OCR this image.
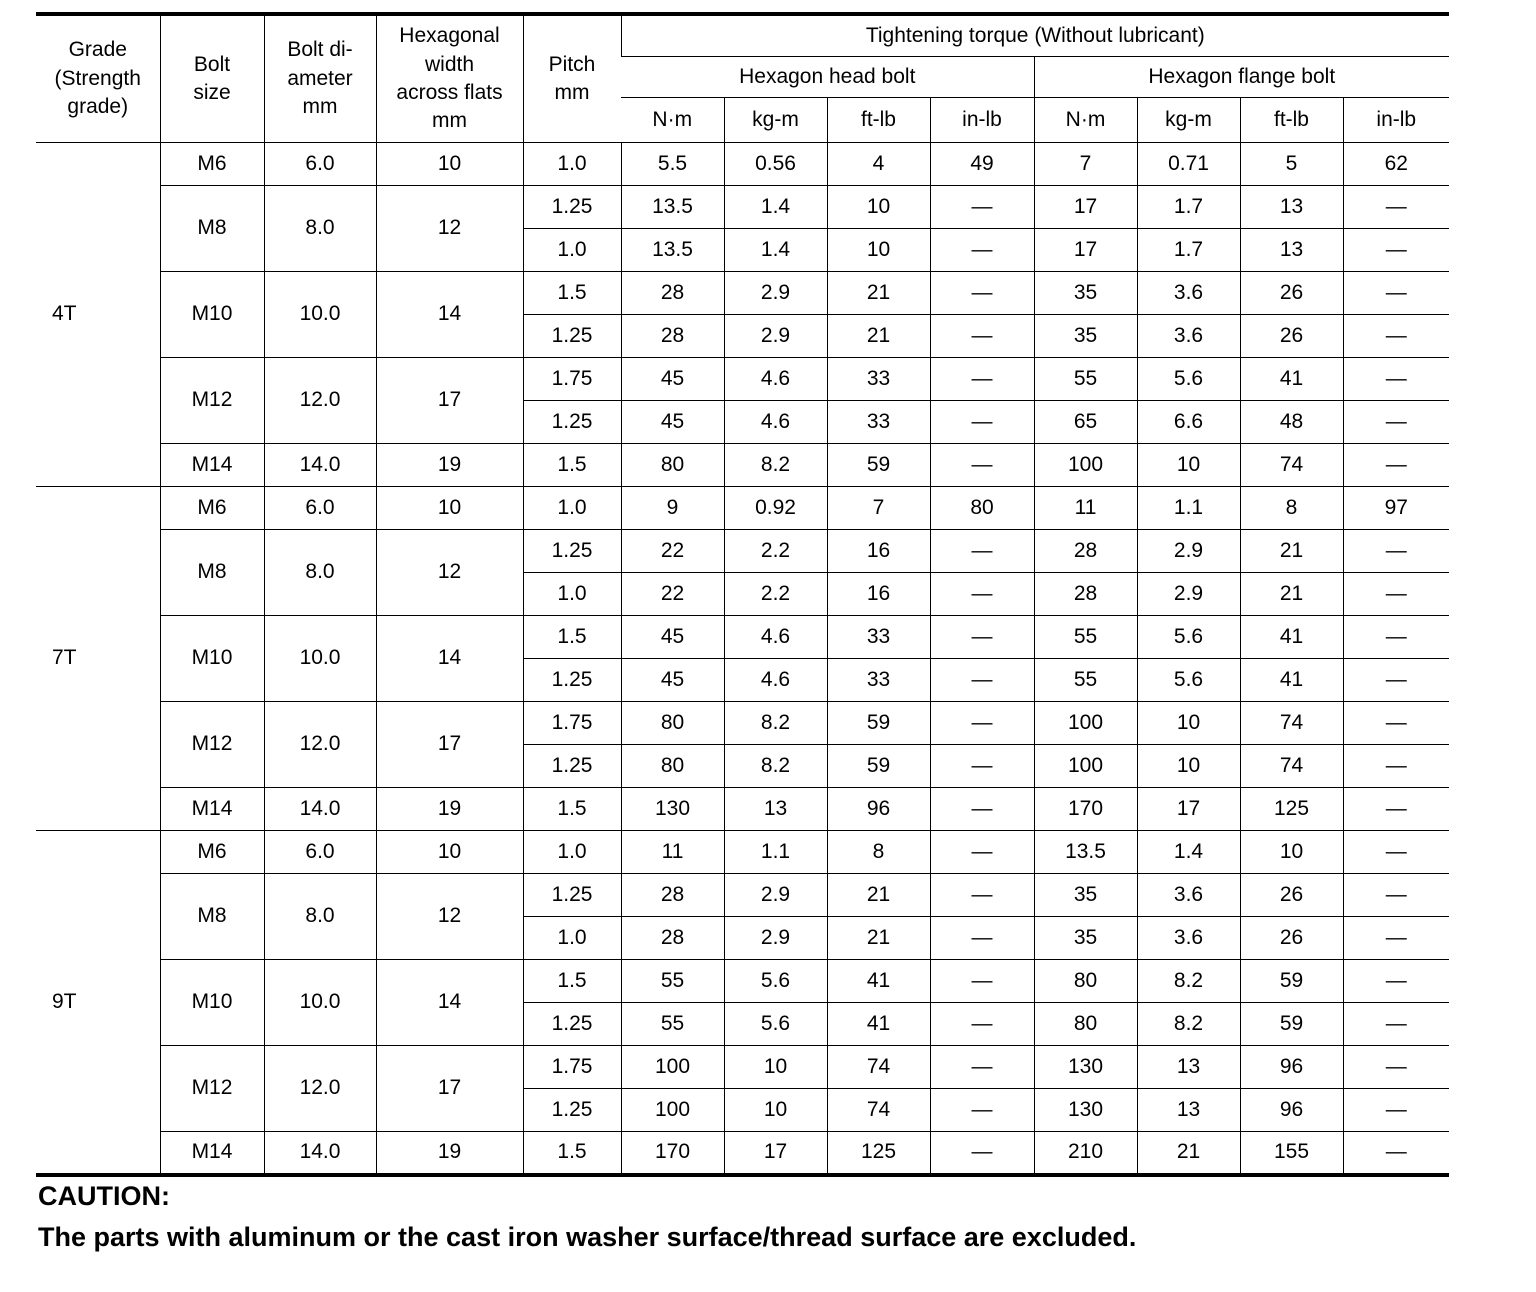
Grade
(Strength
grade)	Bolt
size	Bolt di-
ameter
mm	Hexagonal
width
across flats
mm	Pitch
mm	Tightening torque (Without lubricant)							
					Hexagon head bolt				Hexagon flange bolt			
					N·m	kg-m	ft-lb	in-lb	N·m	kg-m	ft-lb	in-lb
4T	M6	6.0	10	1.0	5.5	0.56	4	49	7	0.71	5	62
	M8	8.0	12	1.25	13.5	1.4	10	—	17	1.7	13	—
				1.0	13.5	1.4	10	—	17	1.7	13	—
	M10	10.0	14	1.5	28	2.9	21	—	35	3.6	26	—
				1.25	28	2.9	21	—	35	3.6	26	—
	M12	12.0	17	1.75	45	4.6	33	—	55	5.6	41	—
				1.25	45	4.6	33	—	65	6.6	48	—
	M14	14.0	19	1.5	80	8.2	59	—	100	10	74	—
7T	M6	6.0	10	1.0	9	0.92	7	80	11	1.1	8	97
	M8	8.0	12	1.25	22	2.2	16	—	28	2.9	21	—
				1.0	22	2.2	16	—	28	2.9	21	—
	M10	10.0	14	1.5	45	4.6	33	—	55	5.6	41	—
				1.25	45	4.6	33	—	55	5.6	41	—
	M12	12.0	17	1.75	80	8.2	59	—	100	10	74	—
				1.25	80	8.2	59	—	100	10	74	—
	M14	14.0	19	1.5	130	13	96	—	170	17	125	—
9T	M6	6.0	10	1.0	11	1.1	8	—	13.5	1.4	10	—
	M8	8.0	12	1.25	28	2.9	21	—	35	3.6	26	—
				1.0	28	2.9	21	—	35	3.6	26	—
	M10	10.0	14	1.5	55	5.6	41	—	80	8.2	59	—
				1.25	55	5.6	41	—	80	8.2	59	—
	M12	12.0	17	1.75	100	10	74	—	130	13	96	—
				1.25	100	10	74	—	130	13	96	—
	M14	14.0	19	1.5	170	17	125	—	210	21	155	—
CAUTION:
The parts with aluminum or the cast iron washer surface/thread surface are excluded.
